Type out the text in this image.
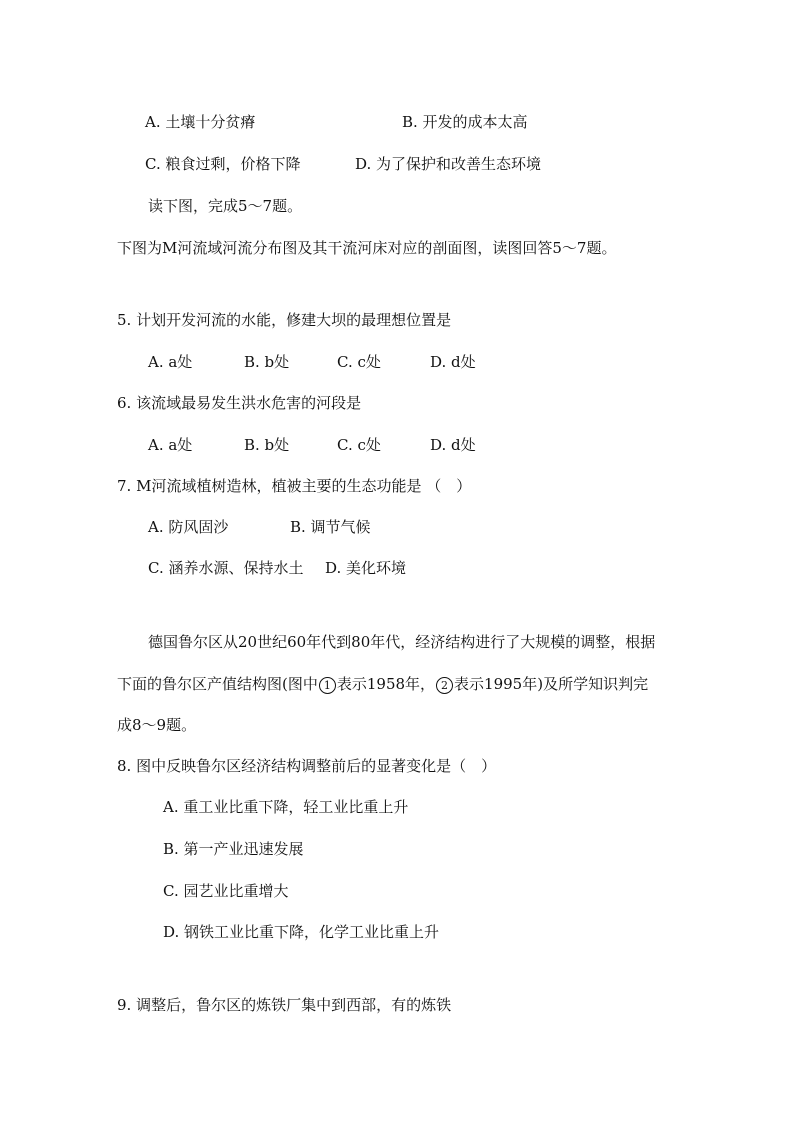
A. 土壤十分贫瘠	B. 开发的成本太高
C. 粮食过剩，价格下降	D. 为了保护和改善生态环境
读下图，完成5～7题。
下图为M河流域河流分布图及其干流河床对应的剖面图，读图回答5～7题。
5. 计划开发河流的水能，修建大坝的最理想位置是
A. a处	B. b处	C. c处	D. d处
6. 该流域最易发生洪水危害的河段是
A. a处	B. b处	C. c处	D. d处
7. M河流域植树造林，植被主要的生态功能是 （　）
A. 防风固沙	B. 调节气候
C. 涵养水源、保持水土 D. 美化环境
德国鲁尔区从20世纪60年代到80年代，经济结构进行了大规模的调整，根据
下面的鲁尔区产值结构图(图中 1 表示1958年， 2 表示1995年)及所学知识判完
成8～9题。
8. 图中反映鲁尔区经济结构调整前后的显著变化是（　）
A. 重工业比重下降，轻工业比重上升
B. 第一产业迅速发展
C. 园艺业比重增大
D. 钢铁工业比重下降，化学工业比重上升
9. 调整后，鲁尔区的炼铁厂集中到西部，有的炼铁
